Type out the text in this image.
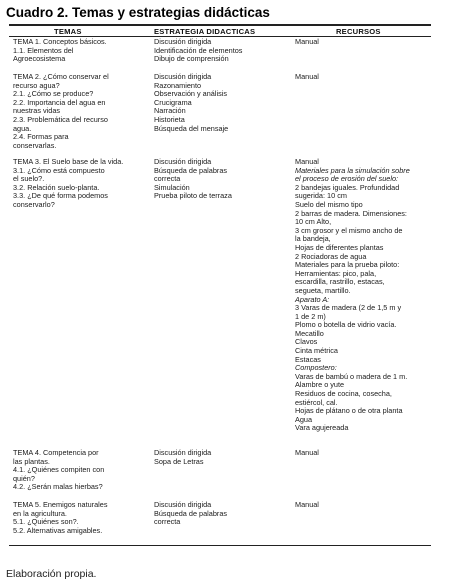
Cuadro 2. Temas y estrategias didácticas
TEMAS	ESTRATEGIA DIDACTICAS	RECURSOS
TEMA 1. Conceptos básicos.
1.1. Elementos del
Agroecosistema
Discusión dirigida
Identificación de elementos
Dibujo de comprensión
Manual
TEMA 2. ¿Cómo conservar el
recurso agua?
2.1. ¿Cómo se produce?
2.2. Importancia del agua en
nuestras vidas
2.3. Problemática del recurso
agua.
2.4. Formas para
conservarlas.
Discusión dirigida
Razonamiento
Observación y análisis
Crucigrama
Narración
Historieta
Búsqueda del mensaje
Manual
TEMA 3. El Suelo base de la vida.
3.1. ¿Cómo está compuesto
el suelo?.
3.2. Relación suelo-planta.
3.3. ¿De qué forma podemos
conservarlo?
Discusión dirigida
Búsqueda de palabras
correcta
Simulación
Prueba piloto de terraza
Manual
Materiales para la simulación sobre
el proceso de erosión del suelo:
2 bandejas iguales. Profundidad
sugerida: 10 cm
Suelo del mismo tipo
2 barras de madera. Dimensiones:
10 cm Alto,
3 cm grosor y el mismo ancho de
la bandeja,
Hojas de diferentes plantas
2 Rociadoras de agua
Materiales para la prueba piloto:
Herramientas: pico, pala,
escardilla, rastrillo, estacas,
segueta, martillo.
Aparato A:
3 Varas de madera (2 de 1,5 m y
1 de 2 m)
Plomo o botella de vidrio vacía.
Mecatillo
Clavos
Cinta métrica
Estacas
Compostero:
Varas de bambú o madera de 1 m.
Alambre o yute
Residuos de cocina, cosecha,
estiércol, cal.
Hojas de plátano o de otra planta
Agua
Vara agujereada
TEMA 4. Competencia por
las plantas.
4.1. ¿Quiénes compiten con
quién?
4.2. ¿Serán malas hierbas?
Discusión dirigida
Sopa de Letras
Manual
TEMA 5. Enemigos naturales
en la agricultura.
5.1. ¿Quiénes son?.
5.2. Alternativas amigables.
Discusión dirigida
Búsqueda de palabras
correcta
Manual
Elaboración propia.
